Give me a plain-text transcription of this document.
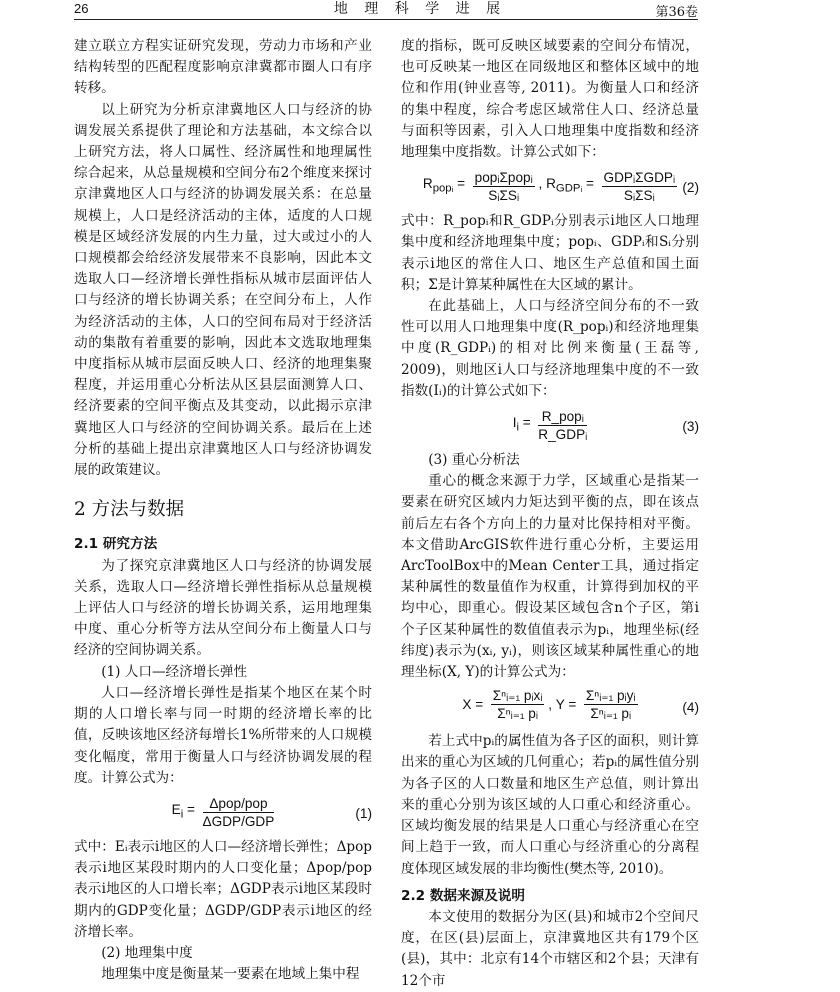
26	地 理 科 学 进 展	第36卷

建立联立方程实证研究发现，劳动力市场和产业结构转型的匹配程度影响京津冀都市圈人口有序转移。

以上研究为分析京津冀地区人口与经济的协调发展关系提供了理论和方法基础，本文综合以上研究方法，将人口属性、经济属性和地理属性综合起来，从总量规模和空间分布2个维度来探讨京津冀地区人口与经济的协调发展关系：在总量规模上，人口是经济活动的主体，适度的人口规模是区域经济发展的内生力量，过大或过小的人口规模都会给经济发展带来不良影响，因此本文选取人口—经济增长弹性指标从城市层面评估人口与经济的增长协调关系；在空间分布上，人作为经济活动的主体，人口的空间布局对于经济活动的集散有着重要的影响，因此本文选取地理集中度指标从城市层面反映人口、经济的地理集聚程度，并运用重心分析法从区县层面测算人口、经济要素的空间平衡点及其变动，以此揭示京津冀地区人口与经济的空间协调关系。最后在上述分析的基础上提出京津冀地区人口与经济协调发展的政策建议。

2 方法与数据
2.1 研究方法

为了探究京津冀地区人口与经济的协调发展关系，选取人口—经济增长弹性指标从总量规模上评估人口与经济的增长协调关系，运用地理集中度、重心分析等方法从空间分布上衡量人口与经济的空间协调关系。

(1) 人口—经济增长弹性

人口—经济增长弹性是指某个地区在某个时期的人口增长率与同一时期的经济增长率的比值，反映该地区经济每增长1%所带来的人口规模变化幅度，常用于衡量人口与经济协调发展的程度。计算公式为：

$E_i = \frac{\text{Δpop/pop}}{\text{ΔGDP/GDP}}$	(1)

式中：Eᵢ表示i地区的人口—经济增长弹性；Δpop表示i地区某段时期内的人口变化量；Δpop/pop表示i地区的人口增长率；ΔGDP表示i地区某段时期内的GDP变化量；ΔGDP/GDP表示i地区的经济增长率。

(2) 地理集中度

地理集中度是衡量某一要素在地域上集中程

度的指标，既可反映区域要素的空间分布情况，也可反映某一地区在同级地区和整体区域中的地位和作用(钟业喜等, 2011)。为衡量人口和经济的集中程度，综合考虑区域常住人口、经济总量与面积等因素，引入人口地理集中度指数和经济地理集中度指数。计算公式如下：

$R_{popᵢ} = \frac{\text{popᵢΣpopᵢ}}{\text{SᵢΣSᵢ}}$ , $R_{GDPᵢ} = \frac{\text{GDPᵢΣGDPᵢ}}{\text{SᵢΣSᵢ}} (2)$

式中：R_popᵢ和R_GDPᵢ分别表示i地区人口地理集中度和经济地理集中度；popᵢ、GDPᵢ和Sᵢ分别表示i地区的常住人口、地区生产总值和国土面积；Σ是计算某种属性在大区域的累计。

在此基础上，人口与经济空间分布的不一致性可以用人口地理集中度(R_popᵢ)和经济地理集中度(R_GDPᵢ)的相对比例来衡量(王磊等, 2009)，则地区i人口与经济地理集中度的不一致指数(Iᵢ)的计算公式如下：

$I_i = \frac{\text{R\_popᵢ}}{\text{R\_GDPᵢ}}$	(3)

(3) 重心分析法

重心的概念来源于力学，区域重心是指某一要素在研究区域内力矩达到平衡的点，即在该点前后左右各个方向上的力量对比保持相对平衡。本文借助ArcGIS软件进行重心分析，主要运用ArcToolBox中的Mean Center工具，通过指定某种属性的数量值作为权重，计算得到加权的平均中心，即重心。假设某区域包含n个子区，第i个子区某种属性的数值值表示为pᵢ，地理坐标(经纬度)表示为(xᵢ, yᵢ)，则该区域某种属性重心的地理坐标(X, Y)的计算公式为：

$X = \frac{\text{Σⁿᵢ₌₁ pᵢxᵢ}}{\text{Σⁿᵢ₌₁ pᵢ}}$ , $Y = \frac{\text{Σⁿᵢ₌₁ pᵢyᵢ}}{\text{Σⁿᵢ₌₁ pᵢ}}$	(4)

若上式中pᵢ的属性值为各子区的面积，则计算出来的重心为区域的几何重心；若pᵢ的属性值分别为各子区的人口数量和地区生产总值，则计算出来的重心分别为该区域的人口重心和经济重心。区域均衡发展的结果是人口重心与经济重心在空间上趋于一致，而人口重心与经济重心的分离程度体现区域发展的非均衡性(樊杰等, 2010)。

2.2 数据来源及说明

本文使用的数据分为区(县)和城市2个空间尺度，在区(县)层面上，京津冀地区共有179个区(县)，其中：北京有14个市辖区和2个县；天津有12个市
